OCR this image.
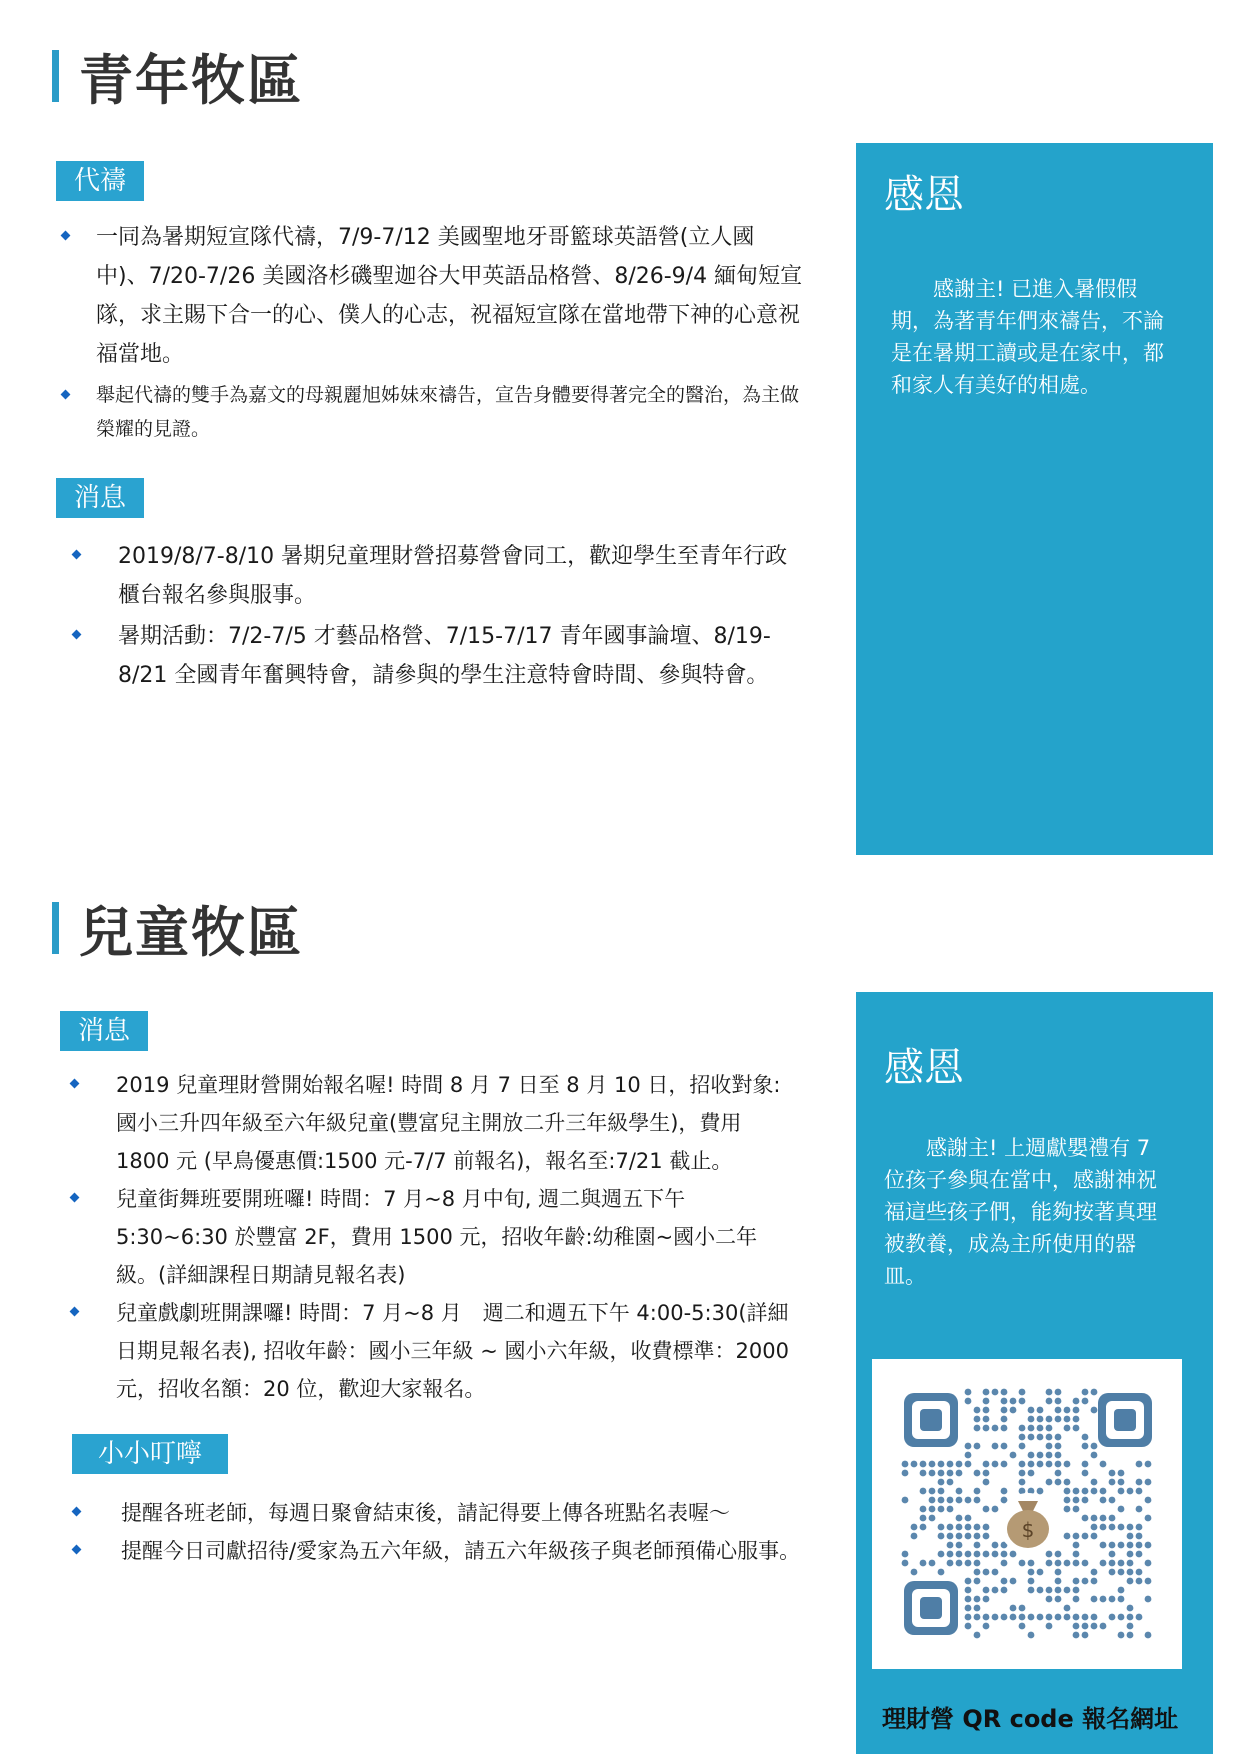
青年牧區
代禱
一同為暑期短宣隊代禱，7/9-7/12 美國聖地牙哥籃球英語營(立人國中)、7/20-7/26 美國洛杉磯聖迦谷大甲英語品格營、8/26-9/4 緬甸短宣隊，求主賜下合一的心、僕人的心志，祝福短宣隊在當地帶下神的心意祝福當地。
舉起代禱的雙手為嘉文的母親麗旭姊妹來禱告，宣告身體要得著完全的醫治，為主做榮耀的見證。
消息
2019/8/7-8/10 暑期兒童理財營招募營會同工，歡迎學生至青年行政櫃台報名參與服事。
暑期活動：7/2-7/5 才藝品格營、7/15-7/17 青年國事論壇、8/19-8/21 全國青年奮興特會，請參與的學生注意特會時間、參與特會。
感恩
感謝主! 已進入暑假假期，為著青年們來禱告，不論是在暑期工讀或是在家中，都和家人有美好的相處。
兒童牧區
消息
2019 兒童理財營開始報名喔! 時間 8 月 7 日至 8 月 10 日，招收對象: 國小三升四年級至六年級兒童(豐富兒主開放二升三年級學生)，費用 1800 元 (早鳥優惠價:1500 元-7/7 前報名)，報名至:7/21 截止。
兒童街舞班要開班囉! 時間：7 月~8 月中旬, 週二與週五下午 5:30~6:30 於豐富 2F，費用 1500 元，招收年齡:幼稚園~國小二年級。(詳細課程日期請見報名表)
兒童戲劇班開課囉! 時間：7 月~8 月　週二和週五下午 4:00-5:30(詳細日期見報名表), 招收年齡：國小三年級 ~ 國小六年級，收費標準：2000 元，招收名額：20 位，歡迎大家報名。
小小叮嚀
提醒各班老師，每週日聚會結束後，請記得要上傳各班點名表喔～
提醒今日司獻招待/愛家為五六年級，請五六年級孩子與老師預備心服事。
感恩
感謝主! 上週獻嬰禮有 7 位孩子參與在當中，感謝神祝福這些孩子們，能夠按著真理被教養，成為主所使用的器皿。
$
理財營 QR code 報名網址
